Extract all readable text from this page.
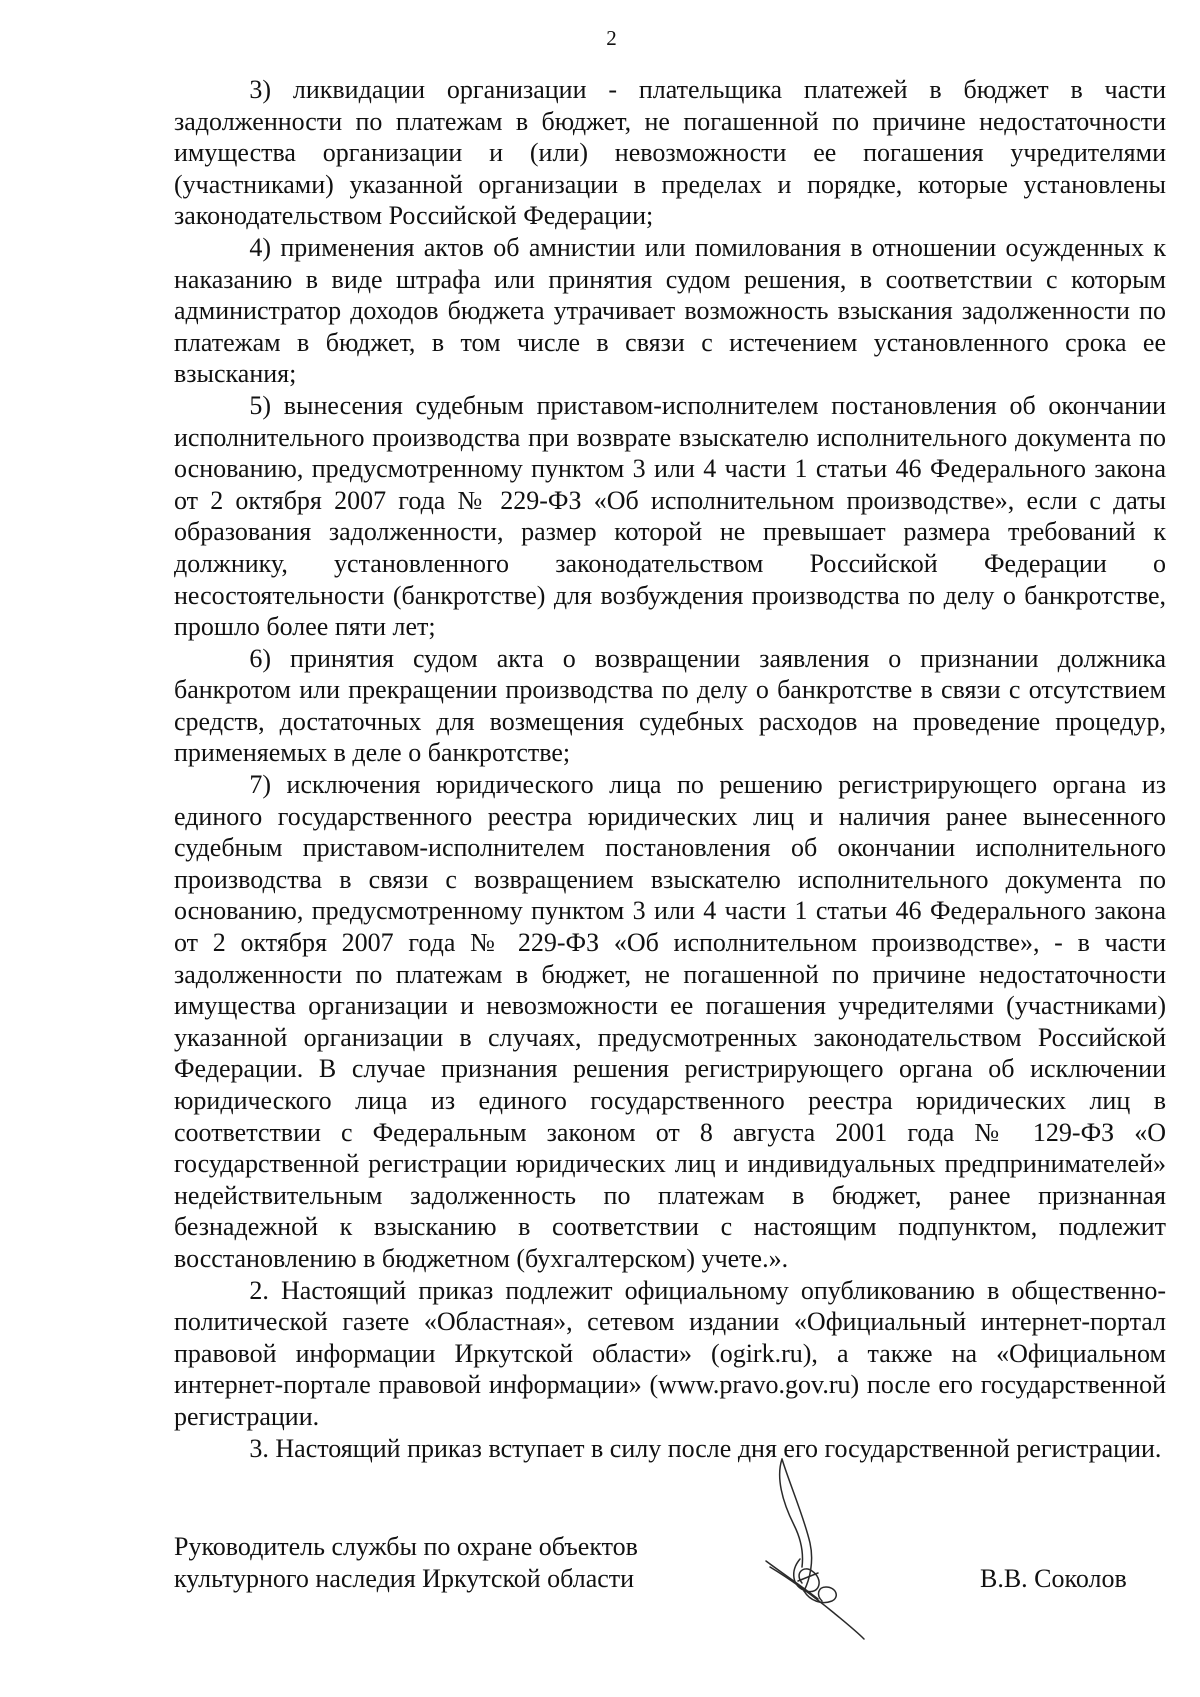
2

3) ликвидации организации - плательщика платежей в бюджет в части задолженности по платежам в бюджет, не погашенной по причине недостаточности имущества организации и (или) невозможности ее погашения учредителями (участниками) указанной организации в пределах и порядке, которые установлены законодательством Российской Федерации;

4) применения актов об амнистии или помилования в отношении осужденных к наказанию в виде штрафа или принятия судом решения, в соответствии с которым администратор доходов бюджета утрачивает возможность взыскания задолженности по платежам в бюджет, в том числе в связи с истечением установленного срока ее взыскания;

5) вынесения судебным приставом-исполнителем постановления об окончании исполнительного производства при возврате взыскателю исполнительного документа по основанию, предусмотренному пунктом 3 или 4 части 1 статьи 46 Федерального закона от 2 октября 2007 года № 229-ФЗ «Об исполнительном производстве», если с даты образования задолженности, размер которой не превышает размера требований к должнику, установленного законодательством Российской Федерации о несостоятельности (банкротстве) для возбуждения производства по делу о банкротстве, прошло более пяти лет;

6) принятия судом акта о возвращении заявления о признании должника банкротом или прекращении производства по делу о банкротстве в связи с отсутствием средств, достаточных для возмещения судебных расходов на проведение процедур, применяемых в деле о банкротстве;

7) исключения юридического лица по решению регистрирующего органа из единого государственного реестра юридических лиц и наличия ранее вынесенного судебным приставом-исполнителем постановления об окончании исполнительного производства в связи с возвращением взыскателю исполнительного документа по основанию, предусмотренному пунктом 3 или 4 части 1 статьи 46 Федерального закона от 2 октября 2007 года № 229-ФЗ «Об исполнительном производстве», - в части задолженности по платежам в бюджет, не погашенной по причине недостаточности имущества организации и невозможности ее погашения учредителями (участниками) указанной организации в случаях, предусмотренных законодательством Российской Федерации. В случае признания решения регистрирующего органа об исключении юридического лица из единого государственного реестра юридических лиц в соответствии с Федеральным законом от 8 августа 2001 года № 129-ФЗ «О государственной регистрации юридических лиц и индивидуальных предпринимателей» недействительным задолженность по платежам в бюджет, ранее признанная безнадежной к взысканию в соответствии с настоящим подпунктом, подлежит восстановлению в бюджетном (бухгалтерском) учете.».

2. Настоящий приказ подлежит официальному опубликованию в общественно-политической газете «Областная», сетевом издании «Официальный интернет-портал правовой информации Иркутской области» (ogirk.ru), а также на «Официальном интернет-портале правовой информации» (www.pravo.gov.ru) после его государственной регистрации.

3. Настоящий приказ вступает в силу после дня его государственной регистрации.

Руководитель службы по охране объектов
культурного наследия Иркутской области	В.В. Соколов
